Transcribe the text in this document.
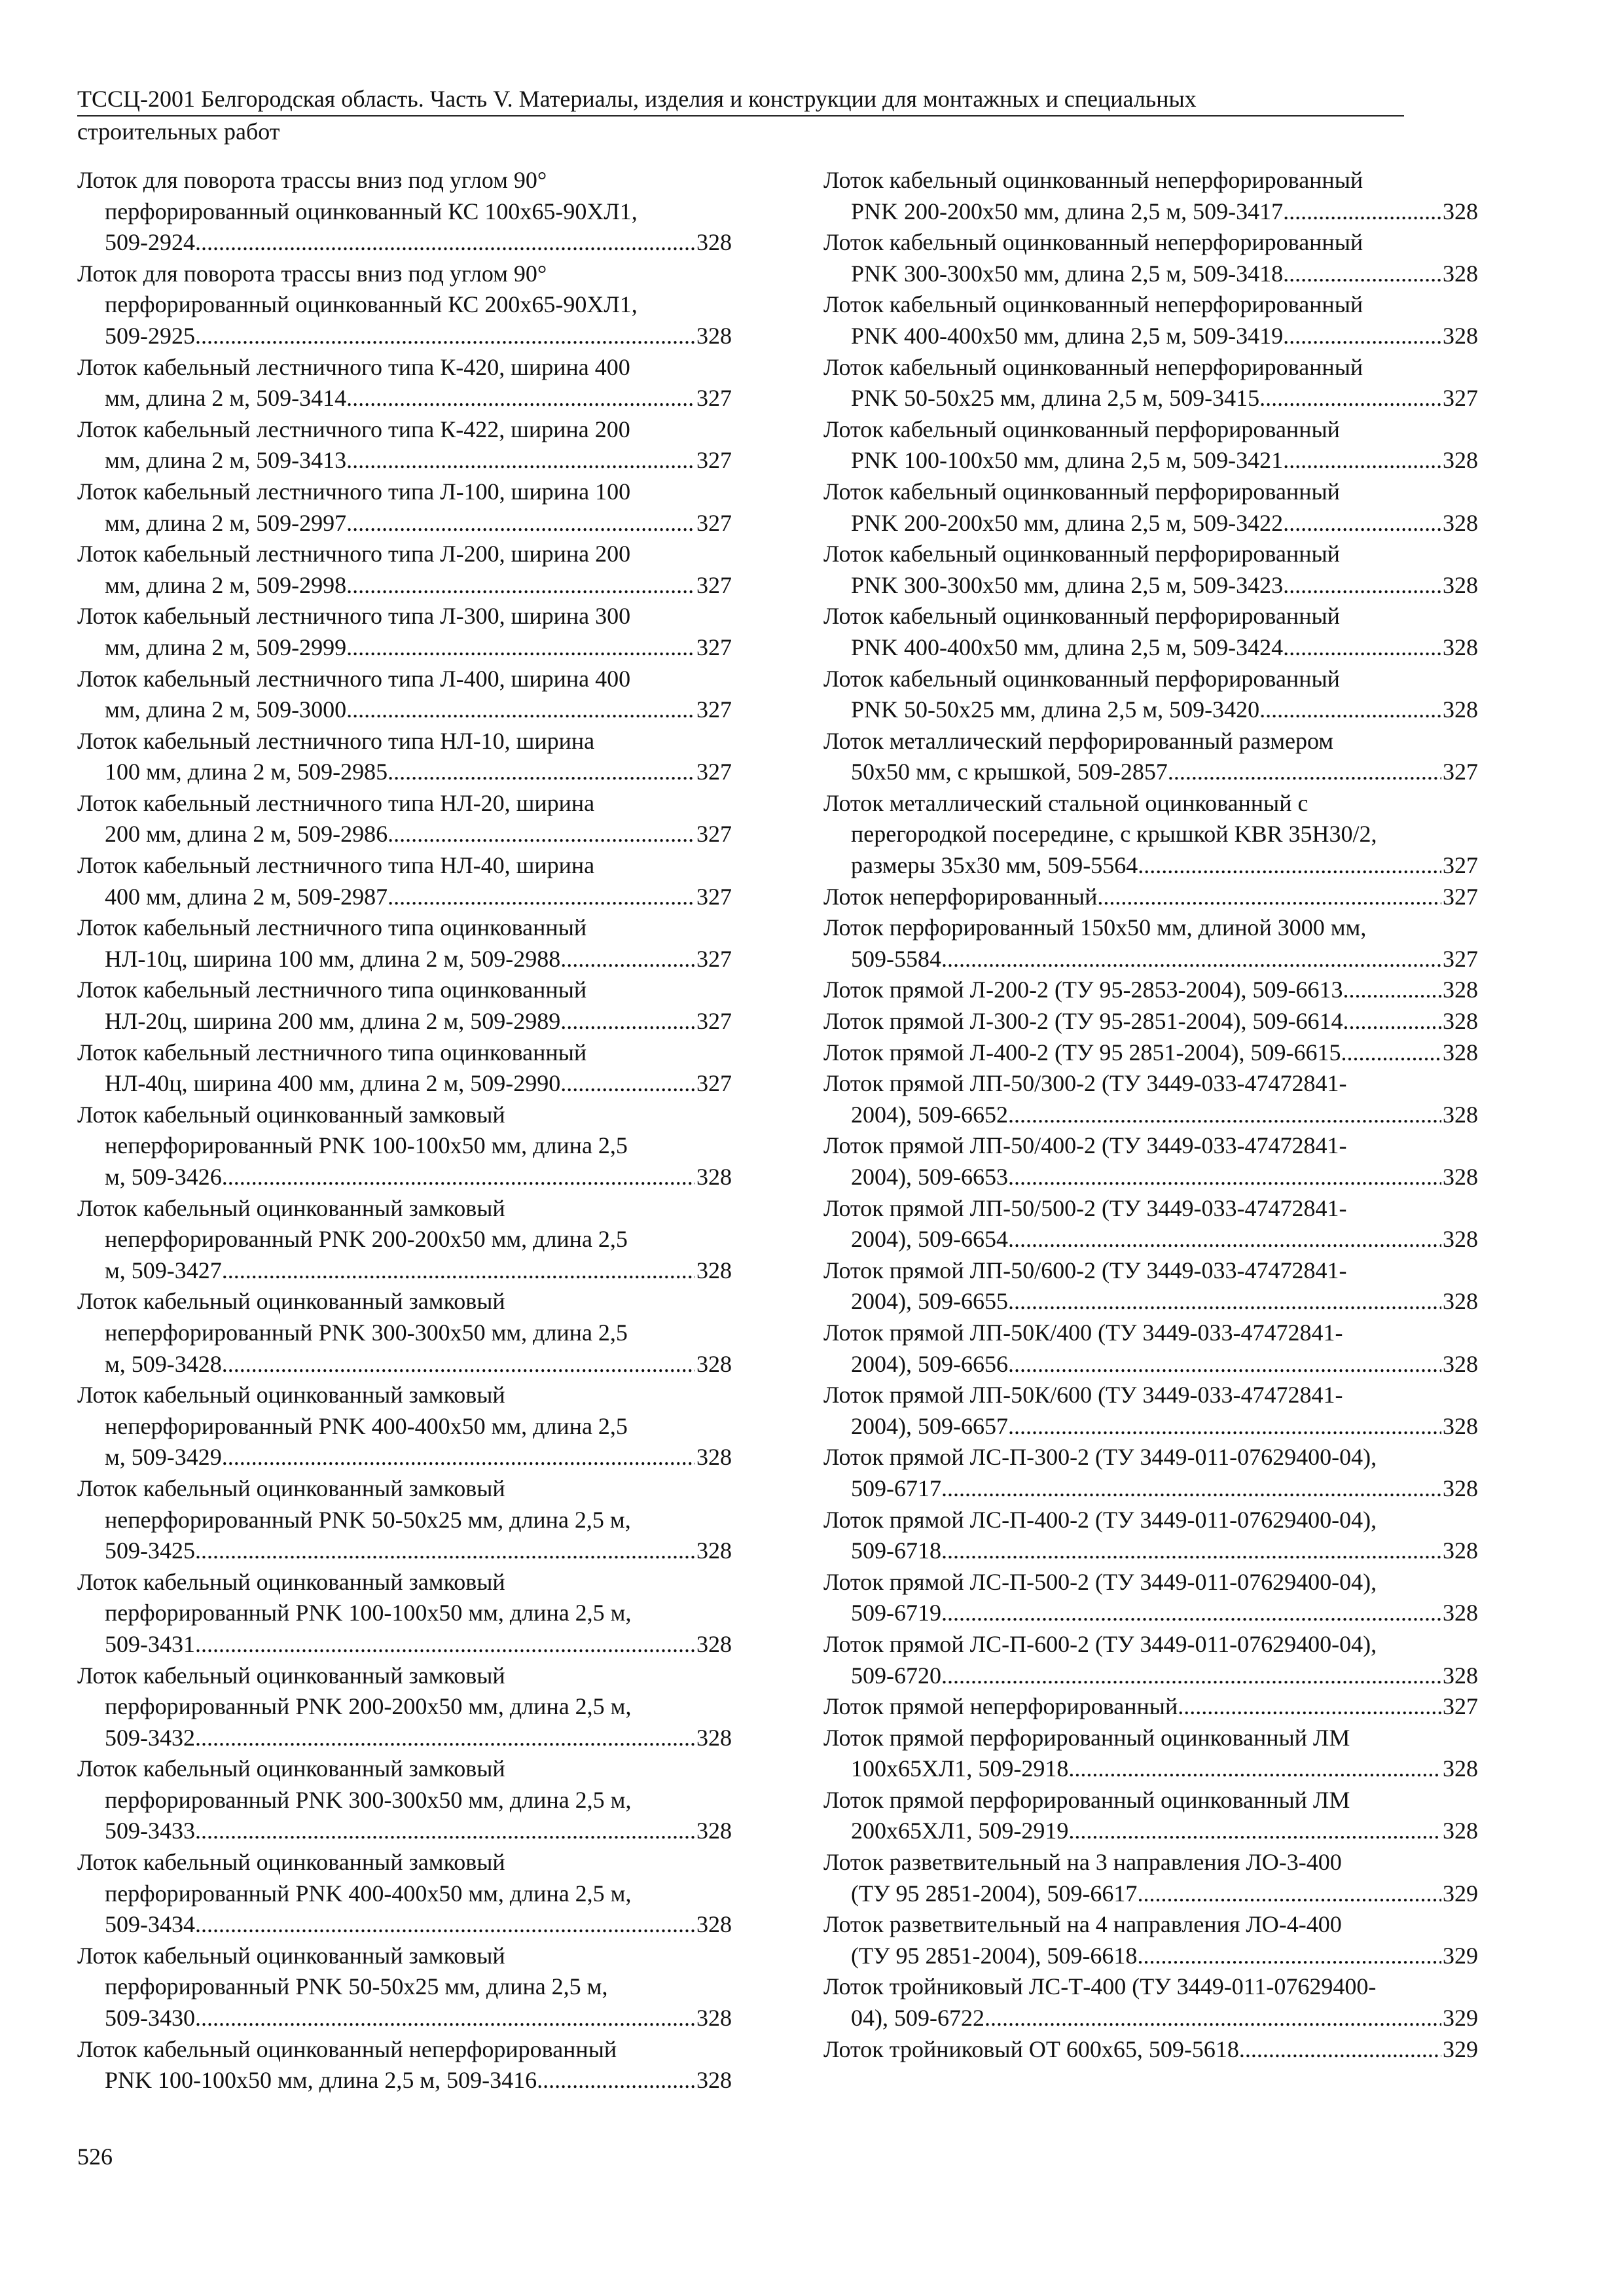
ТССЦ-2001 Белгородская область. Часть V. Материалы, изделия и конструкции для монтажных и специальных
строительных работ
Лоток для поворота трассы вниз под углом 90°
перфорированный оцинкованный КС 100х65-90ХЛ1,
509-2924 .....	328
Лоток для поворота трассы вниз под углом 90°
перфорированный оцинкованный КС 200х65-90ХЛ1,
509-2925 .....	328
Лоток кабельный лестничного типа К-420, ширина 400
мм, длина 2 м, 509-3414 .....	327
Лоток кабельный лестничного типа К-422, ширина 200
мм, длина 2 м, 509-3413 .....	327
Лоток кабельный лестничного типа Л-100, ширина 100
мм, длина 2 м, 509-2997 .....	327
Лоток кабельный лестничного типа Л-200, ширина 200
мм, длина 2 м, 509-2998 .....	327
Лоток кабельный лестничного типа Л-300, ширина 300
мм, длина 2 м, 509-2999 .....	327
Лоток кабельный лестничного типа Л-400, ширина 400
мм, длина 2 м, 509-3000 .....	327
Лоток кабельный лестничного типа НЛ-10, ширина
100 мм, длина 2 м, 509-2985 .....	327
Лоток кабельный лестничного типа НЛ-20, ширина
200 мм, длина 2 м, 509-2986 .....	327
Лоток кабельный лестничного типа НЛ-40, ширина
400 мм, длина 2 м, 509-2987 .....	327
Лоток кабельный лестничного типа оцинкованный
НЛ-10ц, ширина 100 мм, длина 2 м, 509-2988 .....	327
Лоток кабельный лестничного типа оцинкованный
НЛ-20ц, ширина 200 мм, длина 2 м, 509-2989 .....	327
Лоток кабельный лестничного типа оцинкованный
НЛ-40ц, ширина 400 мм, длина 2 м, 509-2990 .....	327
Лоток кабельный оцинкованный замковый
неперфорированный PNK 100-100х50 мм, длина 2,5
м, 509-3426 .....	328
Лоток кабельный оцинкованный замковый
неперфорированный PNK 200-200х50 мм, длина 2,5
м, 509-3427 .....	328
Лоток кабельный оцинкованный замковый
неперфорированный PNK 300-300х50 мм, длина 2,5
м, 509-3428 .....	328
Лоток кабельный оцинкованный замковый
неперфорированный PNK 400-400х50 мм, длина 2,5
м, 509-3429 .....	328
Лоток кабельный оцинкованный замковый
неперфорированный PNK 50-50х25 мм, длина 2,5 м,
509-3425 .....	328
Лоток кабельный оцинкованный замковый
перфорированный PNK 100-100х50 мм, длина 2,5 м,
509-3431 .....	328
Лоток кабельный оцинкованный замковый
перфорированный PNK 200-200х50 мм, длина 2,5 м,
509-3432 .....	328
Лоток кабельный оцинкованный замковый
перфорированный PNK 300-300х50 мм, длина 2,5 м,
509-3433 .....	328
Лоток кабельный оцинкованный замковый
перфорированный PNK 400-400х50 мм, длина 2,5 м,
509-3434 .....	328
Лоток кабельный оцинкованный замковый
перфорированный PNK 50-50х25 мм, длина 2,5 м,
509-3430 .....	328
Лоток кабельный оцинкованный неперфорированный
PNK 100-100х50 мм, длина 2,5 м, 509-3416 .....	328
Лоток кабельный оцинкованный неперфорированный
PNK 200-200х50 мм, длина 2,5 м, 509-3417 .....	328
Лоток кабельный оцинкованный неперфорированный
PNK 300-300х50 мм, длина 2,5 м, 509-3418 .....	328
Лоток кабельный оцинкованный неперфорированный
PNK 400-400х50 мм, длина 2,5 м, 509-3419 .....	328
Лоток кабельный оцинкованный неперфорированный
PNK 50-50х25 мм, длина 2,5 м, 509-3415 .....	327
Лоток кабельный оцинкованный перфорированный
PNK 100-100х50 мм, длина 2,5 м, 509-3421 .....	328
Лоток кабельный оцинкованный перфорированный
PNK 200-200х50 мм, длина 2,5 м, 509-3422 .....	328
Лоток кабельный оцинкованный перфорированный
PNK 300-300х50 мм, длина 2,5 м, 509-3423 .....	328
Лоток кабельный оцинкованный перфорированный
PNK 400-400х50 мм, длина 2,5 м, 509-3424 .....	328
Лоток кабельный оцинкованный перфорированный
PNK 50-50х25 мм, длина 2,5 м, 509-3420 .....	328
Лоток металлический перфорированный размером
50х50 мм, с крышкой, 509-2857 .....	327
Лоток металлический стальной оцинкованный с
перегородкой посередине, с крышкой KBR 35H30/2,
размеры 35х30 мм, 509-5564 .....	327
Лоток неперфорированный .....	327
Лоток перфорированный 150х50 мм, длиной 3000 мм,
509-5584 .....	327
Лоток прямой Л-200-2 (ТУ 95-2853-2004), 509-6613 .....	328
Лоток прямой Л-300-2 (ТУ 95-2851-2004), 509-6614 .....	328
Лоток прямой Л-400-2 (ТУ 95 2851-2004), 509-6615 .....	328
Лоток прямой ЛП-50/300-2 (ТУ 3449-033-47472841-
2004), 509-6652 .....	328
Лоток прямой ЛП-50/400-2 (ТУ 3449-033-47472841-
2004), 509-6653 .....	328
Лоток прямой ЛП-50/500-2 (ТУ 3449-033-47472841-
2004), 509-6654 .....	328
Лоток прямой ЛП-50/600-2 (ТУ 3449-033-47472841-
2004), 509-6655 .....	328
Лоток прямой ЛП-50К/400 (ТУ 3449-033-47472841-
2004), 509-6656 .....	328
Лоток прямой ЛП-50К/600 (ТУ 3449-033-47472841-
2004), 509-6657 .....	328
Лоток прямой ЛС-П-300-2 (ТУ 3449-011-07629400-04),
509-6717 .....	328
Лоток прямой ЛС-П-400-2 (ТУ 3449-011-07629400-04),
509-6718 .....	328
Лоток прямой ЛС-П-500-2 (ТУ 3449-011-07629400-04),
509-6719 .....	328
Лоток прямой ЛС-П-600-2 (ТУ 3449-011-07629400-04),
509-6720 .....	328
Лоток прямой неперфорированный .....	327
Лоток прямой перфорированный оцинкованный ЛМ
100х65ХЛ1, 509-2918 .....	328
Лоток прямой перфорированный оцинкованный ЛМ
200х65ХЛ1, 509-2919 .....	328
Лоток разветвительный на 3 направления ЛО-3-400
(ТУ 95 2851-2004), 509-6617 .....	329
Лоток разветвительный на 4 направления ЛО-4-400
(ТУ 95 2851-2004), 509-6618 .....	329
Лоток тройниковый ЛС-Т-400 (ТУ 3449-011-07629400-
04), 509-6722 .....	329
Лоток тройниковый ОТ 600х65, 509-5618 .....	329
526
